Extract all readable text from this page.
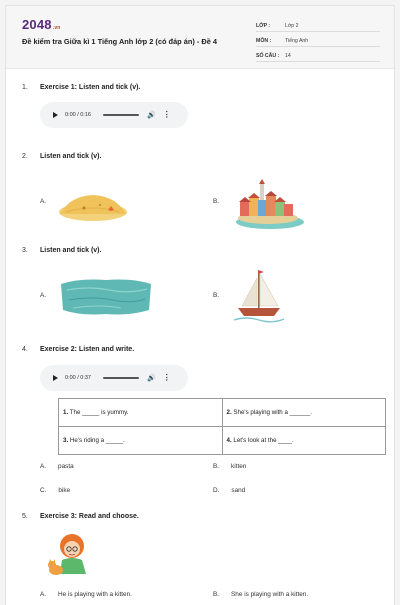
2048.vn
Đề kiểm tra Giữa kì 1 Tiếng Anh lớp 2 (có đáp án) - Đề 4
LỚP :	Lớp 2
MÔN :	Tiếng Anh
SỐ CÂU :	14
1.	Exercise 1: Listen and tick (v).
0:00 / 0:16	🔊 ⋮
2.	Listen and tick (v).
A.	B.
3.	Listen and tick (v).
A.	B.
4.	Exercise 2: Listen and write.
0:00 / 0:37	🔊 ⋮
1. The _____ is yummy.	2. She's playing with a ______.
3. He's riding a _____.	4. Let's look at the ____.
A. pasta	B. kitten
C. bike	D. sand
5.	Exercise 3: Read and choose.
A. He is playing with a kitten.	B. She is playing with a kitten.
